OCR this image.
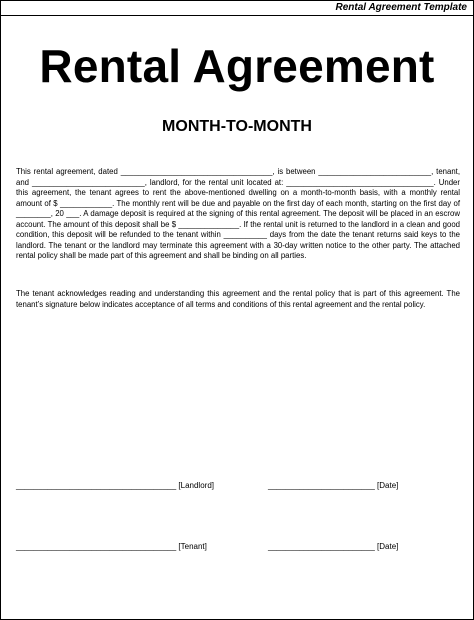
Rental Agreement Template
Rental Agreement
MONTH-TO-MONTH
This rental agreement, dated ___________________________________, is between __________________________, tenant, and __________________________, landlord, for the rental unit located at: __________________________________. Under this agreement, the tenant agrees to rent the above-mentioned dwelling on a month-to-month basis, with a monthly rental amount of $ ____________. The monthly rent will be due and payable on the first day of each month, starting on the first day of ________, 20 ___. A damage deposit is required at the signing of this rental agreement. The deposit will be placed in an escrow account. The amount of this deposit shall be $ ______________. If the rental unit is returned to the landlord in a clean and good condition, this deposit will be refunded to the tenant within __________ days from the date the tenant returns said keys to the landlord. The tenant or the landlord may terminate this agreement with a 30-day written notice to the other party. The attached rental policy shall be made part of this agreement and shall be binding on all parties.
The tenant acknowledges reading and understanding this agreement and the rental policy that is part of this agreement. The tenant’s signature below indicates acceptance of all terms and conditions of this rental agreement and the rental policy.
____________________________________ [Landlord]	________________________ [Date]
____________________________________ [Tenant]	________________________ [Date]
